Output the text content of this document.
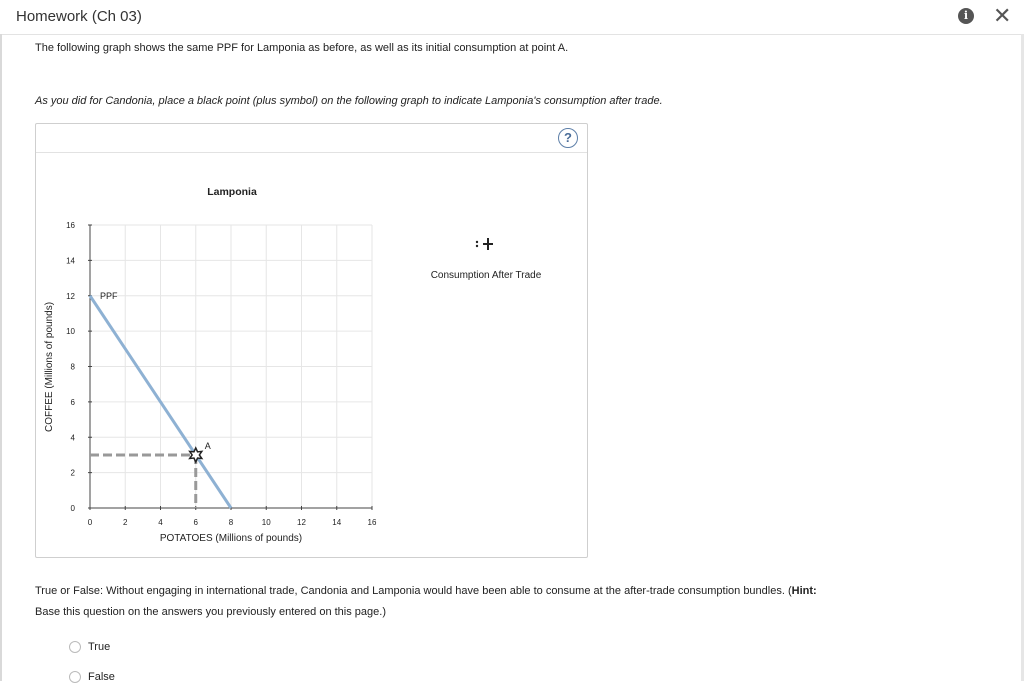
Homework (Ch 03)	i ✕
The following graph shows the same PPF for Lamponia as before, as well as its initial consumption at point A.
As you did for Candonia, place a black point (plus symbol) on the following graph to indicate Lamponia's consumption after trade.
?
Lamponia
0	2	4	6	8	10	12	14	16
0
2
4
6
8
10
12
14
16
PPF
A
POTATOES (Millions of pounds)
COFFEE (Millions of pounds)
Consumption After Trade
True or False: Without engaging in international trade, Candonia and Lamponia would have been able to consume at the after-trade consumption bundles. (Hint: Base this question on the answers you previously entered on this page.)
True
False
